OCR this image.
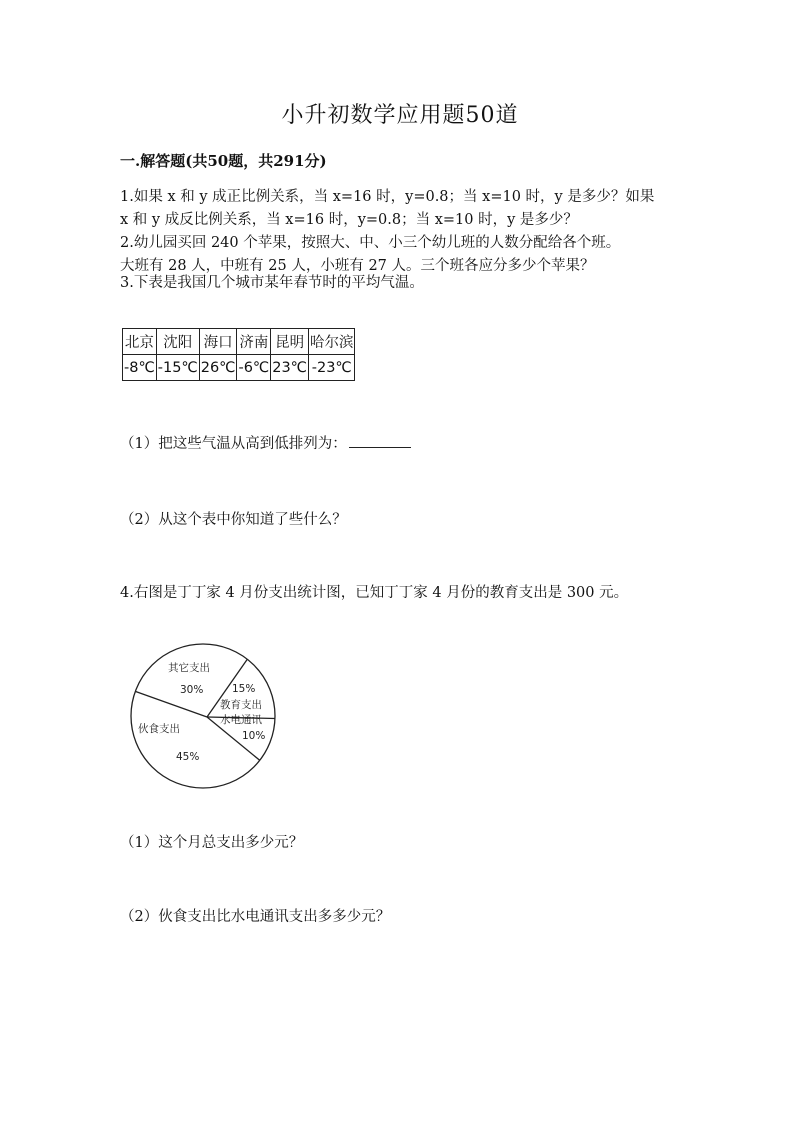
小升初数学应用题50道
一.解答题(共50题，共291分)
1.如果 x 和 y 成正比例关系，当 x=16 时，y=0.8；当 x=10 时，y 是多少？如果
x 和 y 成反比例关系，当 x=16 时，y=0.8；当 x=10 时，y 是多少？
2.幼儿园买回 240 个苹果，按照大、中、小三个幼儿班的人数分配给各个班。
大班有 28 人，中班有 25 人，小班有 27 人。三个班各应分多少个苹果？
3.下表是我国几个城市某年春节时的平均气温。
北京	沈阳	海口	济南	昆明	哈尔滨
-8℃	-15℃	26℃	-6℃	23℃	-23℃
（1）把这些气温从高到低排列为：
（2）从这个表中你知道了些什么？
4.右图是丁丁家 4 月份支出统计图，已知丁丁家 4 月份的教育支出是 300 元。
其它支出
30%	15%
教育支出
水电通讯
10%
伙食支出
45%
（1）这个月总支出多少元？
（2）伙食支出比水电通讯支出多多少元？
